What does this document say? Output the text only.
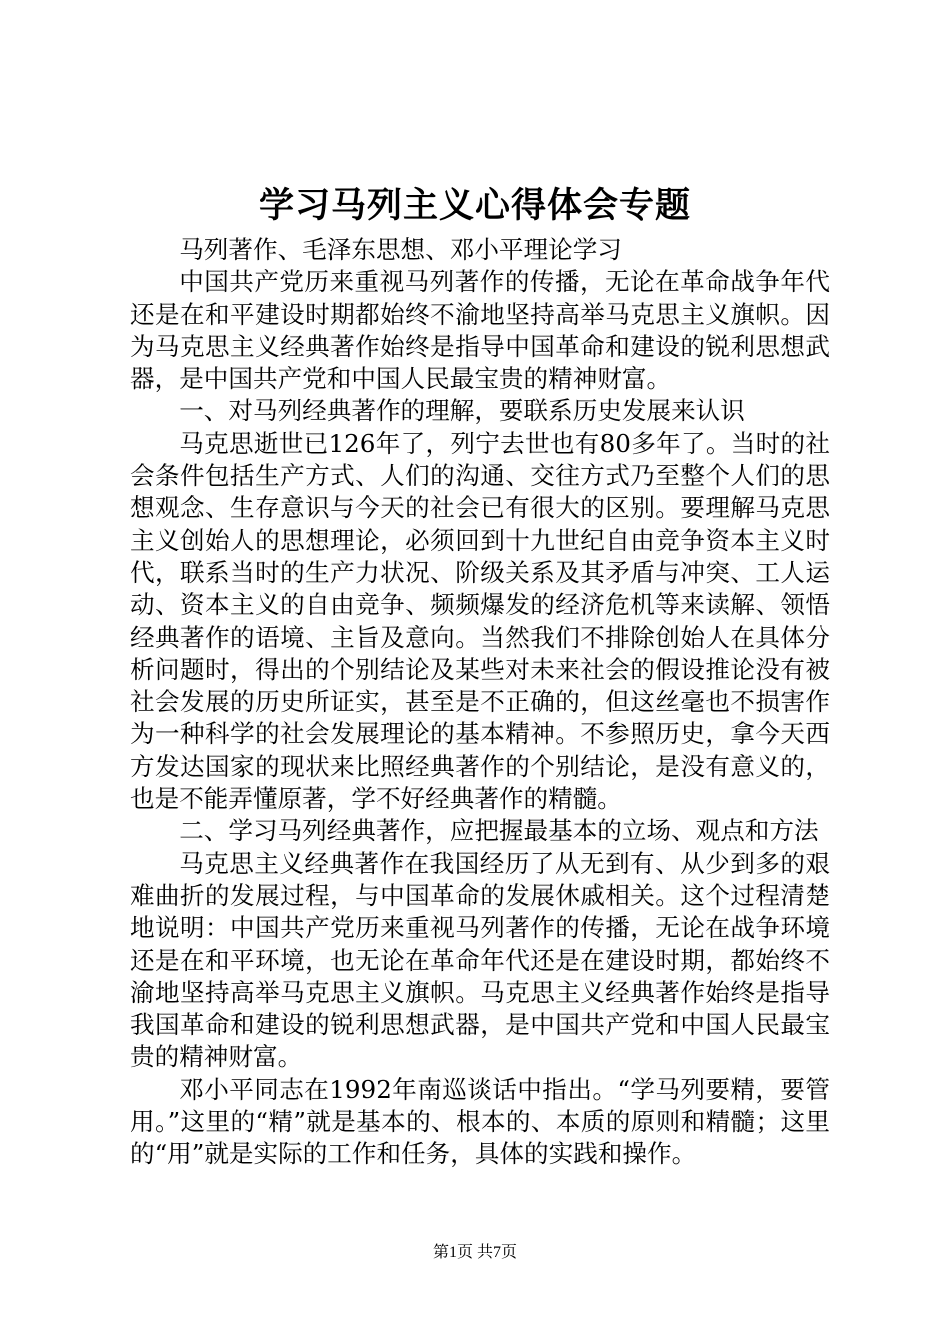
学习马列主义心得体会专题

马列著作、毛泽东思想、邓小平理论学习

中国共产党历来重视马列著作的传播，无论在革命战争年代还是在和平建设时期都始终不渝地坚持高举马克思主义旗帜。因为马克思主义经典著作始终是指导中国革命和建设的锐利思想武器，是中国共产党和中国人民最宝贵的精神财富。

一、对马列经典著作的理解，要联系历史发展来认识

马克思逝世已126年了，列宁去世也有80多年了。当时的社会条件包括生产方式、人们的沟通、交往方式乃至整个人们的思想观念、生存意识与今天的社会已有很大的区别。要理解马克思主义创始人的思想理论，必须回到十九世纪自由竞争资本主义时代，联系当时的生产力状况、阶级关系及其矛盾与冲突、工人运动、资本主义的自由竞争、频频爆发的经济危机等来读解、领悟经典著作的语境、主旨及意向。当然我们不排除创始人在具体分析问题时，得出的个别结论及某些对未来社会的假设推论没有被社会发展的历史所证实，甚至是不正确的，但这丝毫也不损害作为一种科学的社会发展理论的基本精神。不参照历史，拿今天西方发达国家的现状来比照经典著作的个别结论，是没有意义的，也是不能弄懂原著，学不好经典著作的精髓。

二、学习马列经典著作，应把握最基本的立场、观点和方法

马克思主义经典著作在我国经历了从无到有、从少到多的艰难曲折的发展过程，与中国革命的发展休戚相关。这个过程清楚地说明：中国共产党历来重视马列著作的传播，无论在战争环境还是在和平环境，也无论在革命年代还是在建设时期，都始终不渝地坚持高举马克思主义旗帜。马克思主义经典著作始终是指导我国革命和建设的锐利思想武器，是中国共产党和中国人民最宝贵的精神财富。

邓小平同志在1992年南巡谈话中指出。“学马列要精，要管用。”这里的“精”就是基本的、根本的、本质的原则和精髓；这里的“用”就是实际的工作和任务，具体的实践和操作。

第1页 共7页
